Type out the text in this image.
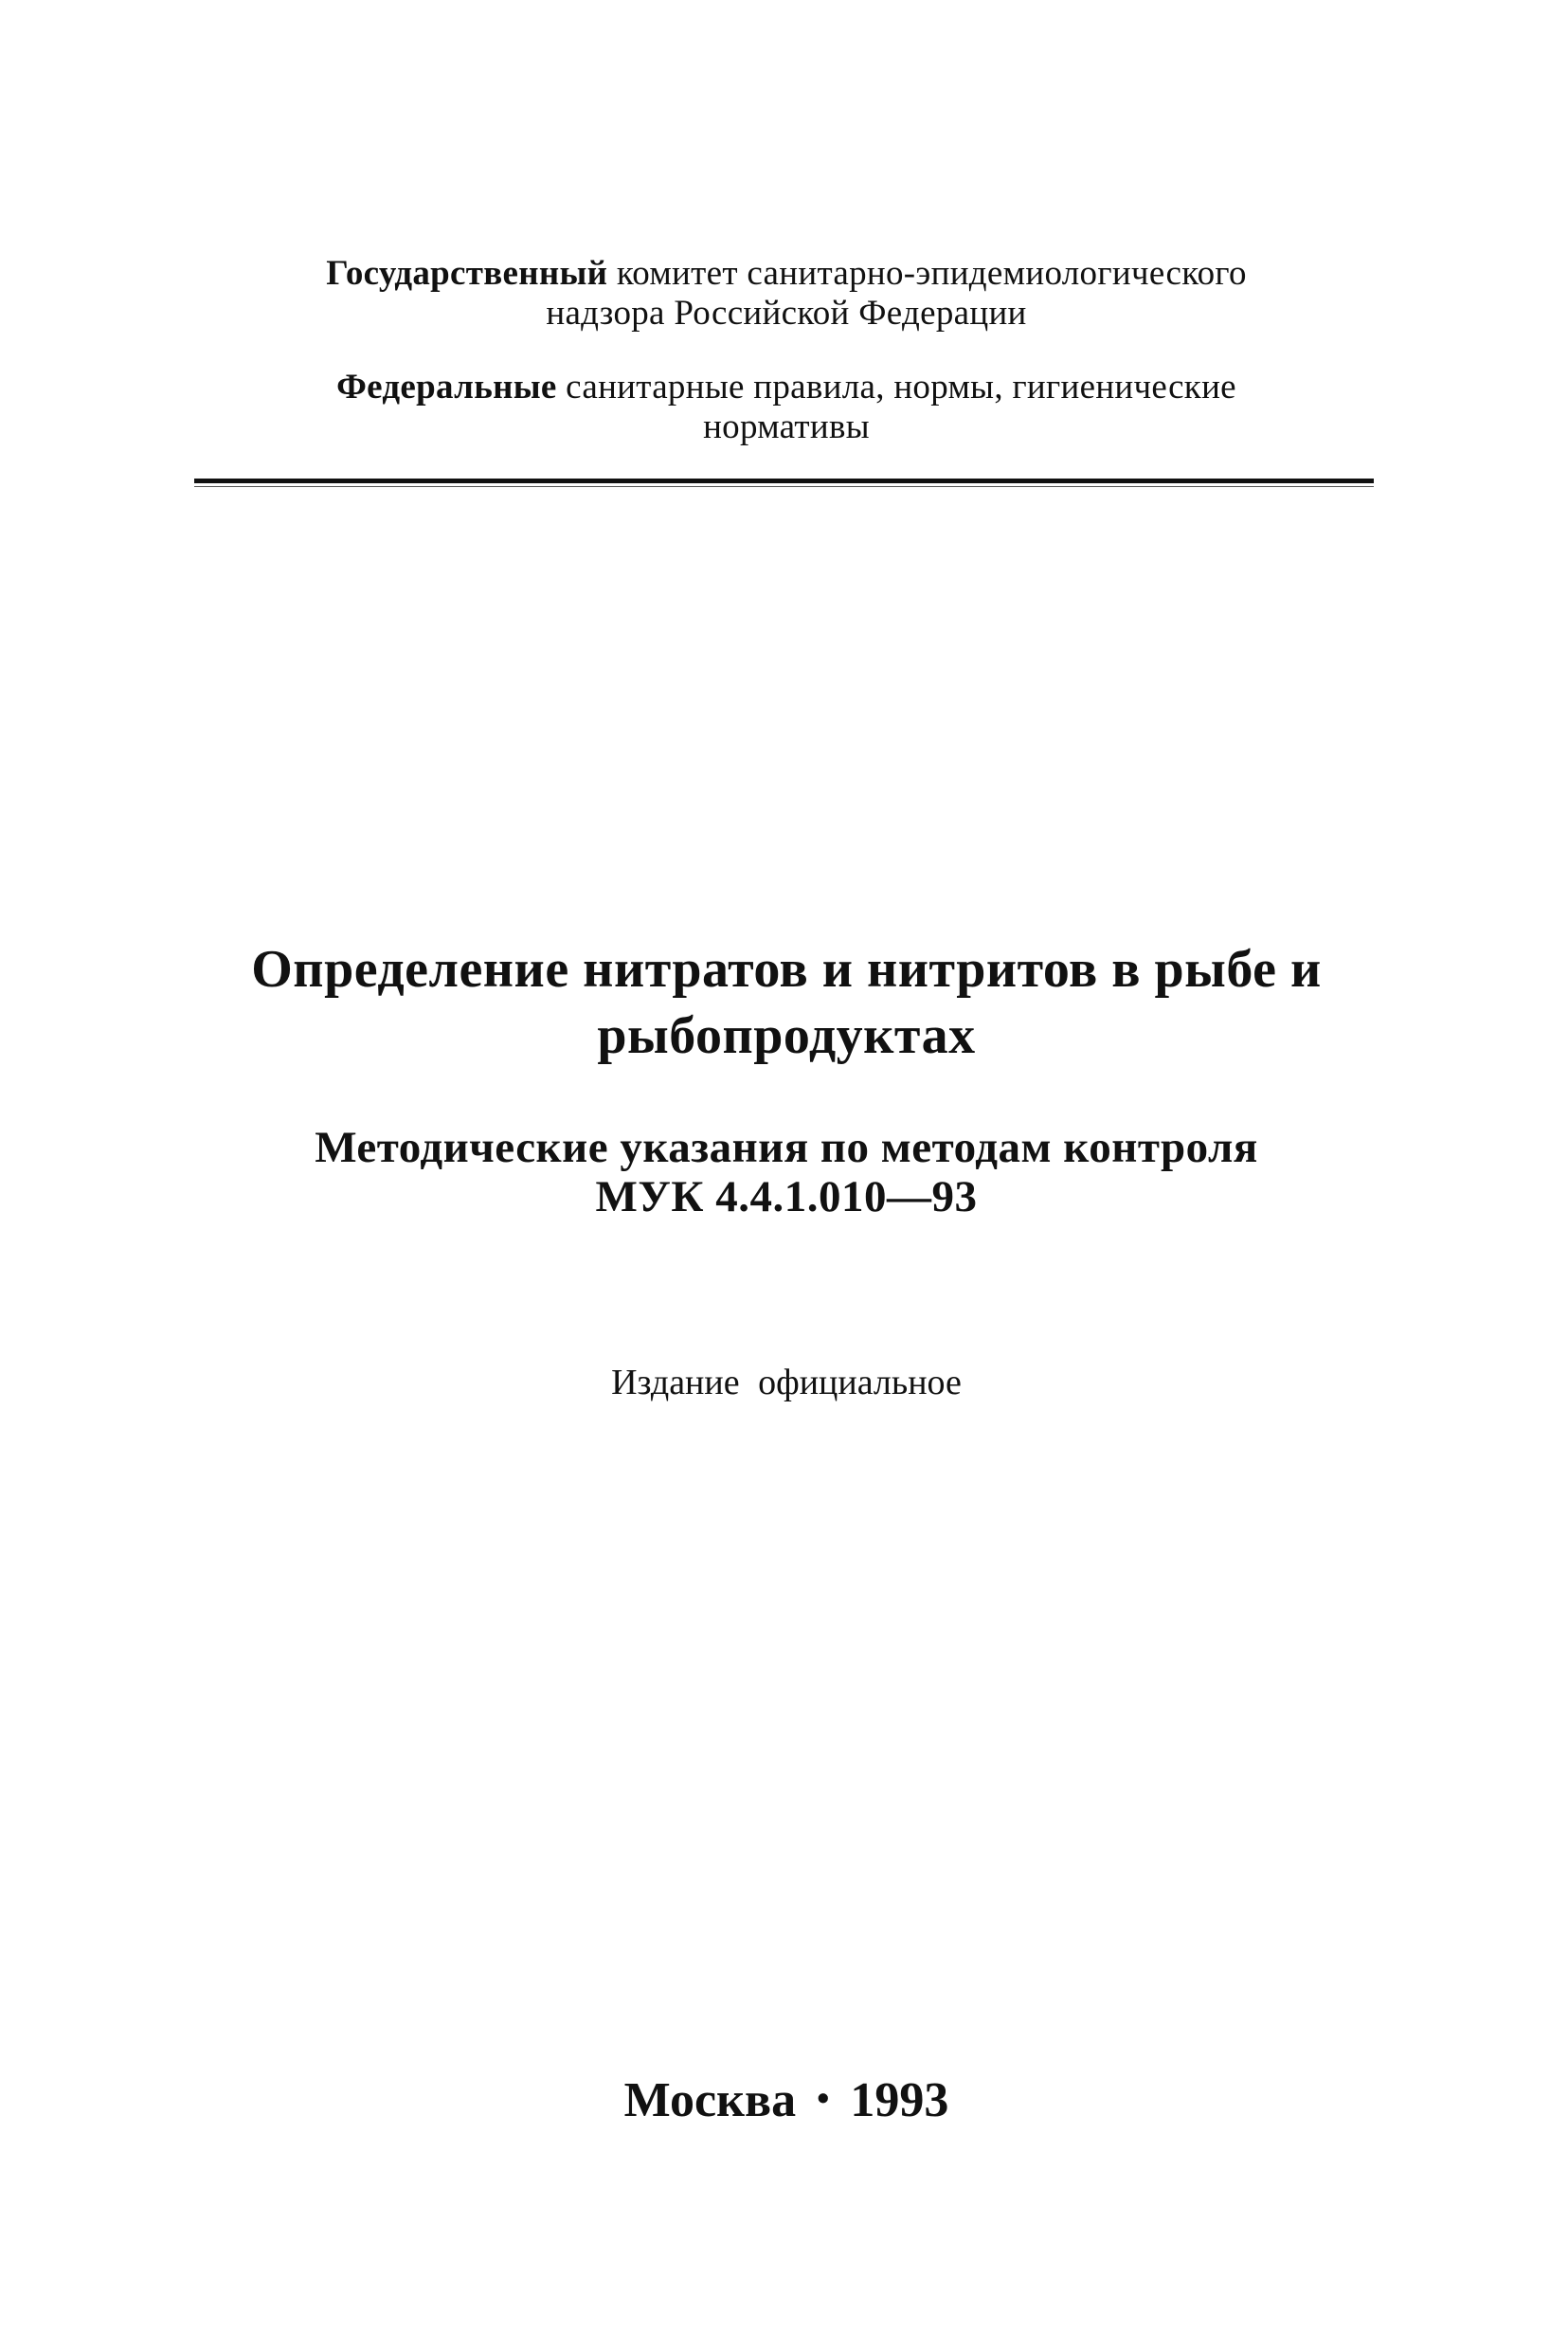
Государственный комитет санитарно-эпидемиологического
надзора Российской Федерации
Федеральные санитарные правила, нормы, гигиенические
нормативы
Определение нитратов и нитритов в рыбе и
рыбопродуктах
Методические указания по методам контроля
МУК 4.4.1.010—93
Издание официальное
Москва • 1993
